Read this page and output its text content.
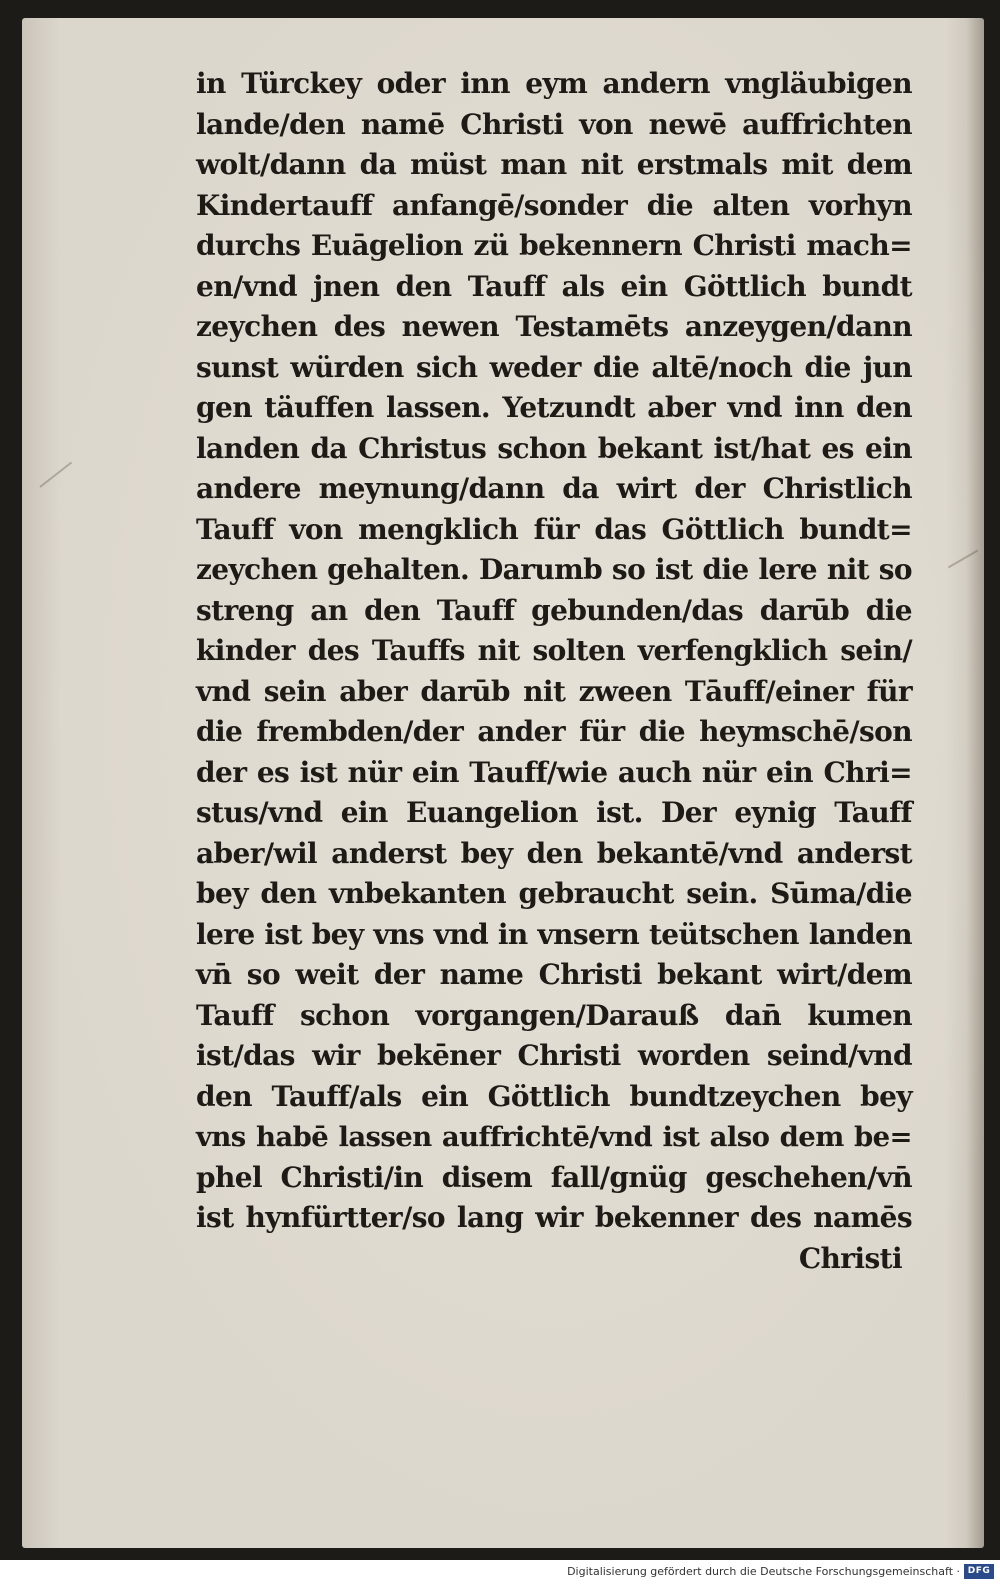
in Türckey oder inn eym andern vngläubigen
lande/den namē Christi von newē auffrichten
wolt/dann da müst man nit erstmals mit dem
Kindertauff anfangē/sonder die alten vorhyn
durchs Euāgelion zü bekennern Christi mach=
en/vnd jnen den Tauff als ein Göttlich bundt
zeychen des newen Testamēts anzeygen/dann
sunst würden sich weder die altē/noch die jun
gen täuffen lassen. Yetzundt aber vnd inn den
landen da Christus schon bekant ist/hat es ein
andere meynung/dann da wirt der Christlich
Tauff von mengklich für das Göttlich bundt=
zeychen gehalten. Darumb so ist die lere nit so
streng an den Tauff gebunden/das darūb die
kinder des Tauffs nit solten verfengklich sein/
vnd sein aber darūb nit zween Tāuff/einer für
die frembden/der ander für die heymschē/son
der es ist nür ein Tauff/wie auch nür ein Chri=
stus/vnd ein Euangelion ist. Der eynig Tauff
aber/wil anderst bey den bekantē/vnd anderst
bey den vnbekanten gebraucht sein. Sūma/die
lere ist bey vns vnd in vnsern teütschen landen
vn̄ so weit der name Christi bekant wirt/dem
Tauff schon vorgangen/Darauß dan̄ kumen
ist/das wir bekēner Christi worden seind/vnd
den Tauff/als ein Göttlich bundtzeychen bey
vns habē lassen auffrichtē/vnd ist also dem be=
phel Christi/in disem fall/gnüg geschehen/vn̄
ist hynfürtter/so lang wir bekenner des namēs
Christi
Digitalisierung gefördert durch die Deutsche Forschungsgemeinschaft · DFG
